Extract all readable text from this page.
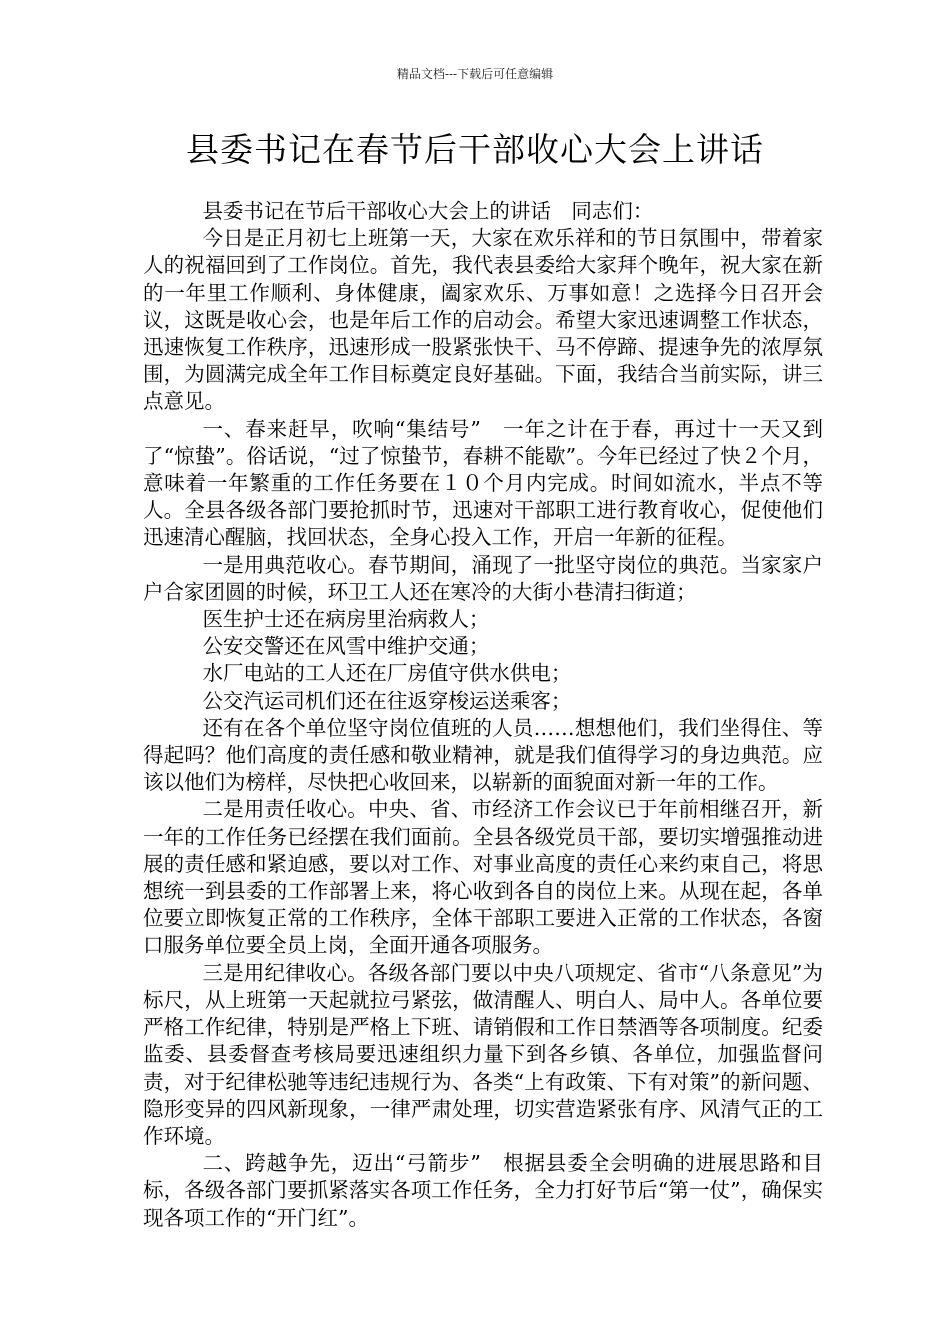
精品文档---下载后可任意编辑
县委书记在春节后干部收心大会上讲话

县委书记在节后干部收心大会上的讲话　同志们：

今日是正月初七上班第一天，大家在欢乐祥和的节日氛围中，带着家人的祝福回到了工作岗位。首先，我代表县委给大家拜个晚年，祝大家在新的一年里工作顺利、身体健康，阖家欢乐、万事如意！之选择今日召开会议，这既是收心会，也是年后工作的启动会。希望大家迅速调整工作状态，迅速恢复工作秩序，迅速形成一股紧张快干、马不停蹄、提速争先的浓厚氛围，为圆满完成全年工作目标奠定良好基础。下面，我结合当前实际，讲三点意见。

一、春来赶早，吹响“集结号”　一年之计在于春，再过十一天又到了“惊蛰”。俗话说，“过了惊蛰节，春耕不能歇”。今年已经过了快２个月，意味着一年繁重的工作任务要在１０个月内完成。时间如流水，半点不等人。全县各级各部门要抢抓时节，迅速对干部职工进行教育收心，促使他们迅速清心醒脑，找回状态，全身心投入工作，开启一年新的征程。

一是用典范收心。春节期间，涌现了一批坚守岗位的典范。当家家户户合家团圆的时候，环卫工人还在寒冷的大街小巷清扫街道；

医生护士还在病房里治病救人；

公安交警还在风雪中维护交通；

水厂电站的工人还在厂房值守供水供电；

公交汽运司机们还在往返穿梭运送乘客；

还有在各个单位坚守岗位值班的人员……想想他们，我们坐得住、等得起吗？他们高度的责任感和敬业精神，就是我们值得学习的身边典范。应该以他们为榜样，尽快把心收回来，以崭新的面貌面对新一年的工作。

二是用责任收心。中央、省、市经济工作会议已于年前相继召开，新一年的工作任务已经摆在我们面前。全县各级党员干部，要切实增强推动进展的责任感和紧迫感，要以对工作、对事业高度的责任心来约束自己，将思想统一到县委的工作部署上来，将心收到各自的岗位上来。从现在起，各单位要立即恢复正常的工作秩序，全体干部职工要进入正常的工作状态，各窗口服务单位要全员上岗，全面开通各项服务。

三是用纪律收心。各级各部门要以中央八项规定、省市“八条意见”为标尺，从上班第一天起就拉弓紧弦，做清醒人、明白人、局中人。各单位要严格工作纪律，特别是严格上下班、请销假和工作日禁酒等各项制度。纪委监委、县委督查考核局要迅速组织力量下到各乡镇、各单位，加强监督问责，对于纪律松驰等违纪违规行为、各类“上有政策、下有对策”的新问题、隐形变异的四风新现象，一律严肃处理，切实营造紧张有序、风清气正的工作环境。

二、跨越争先，迈出“弓箭步”　根据县委全会明确的进展思路和目标，各级各部门要抓紧落实各项工作任务，全力打好节后“第一仗”，确保实现各项工作的“开门红”。
